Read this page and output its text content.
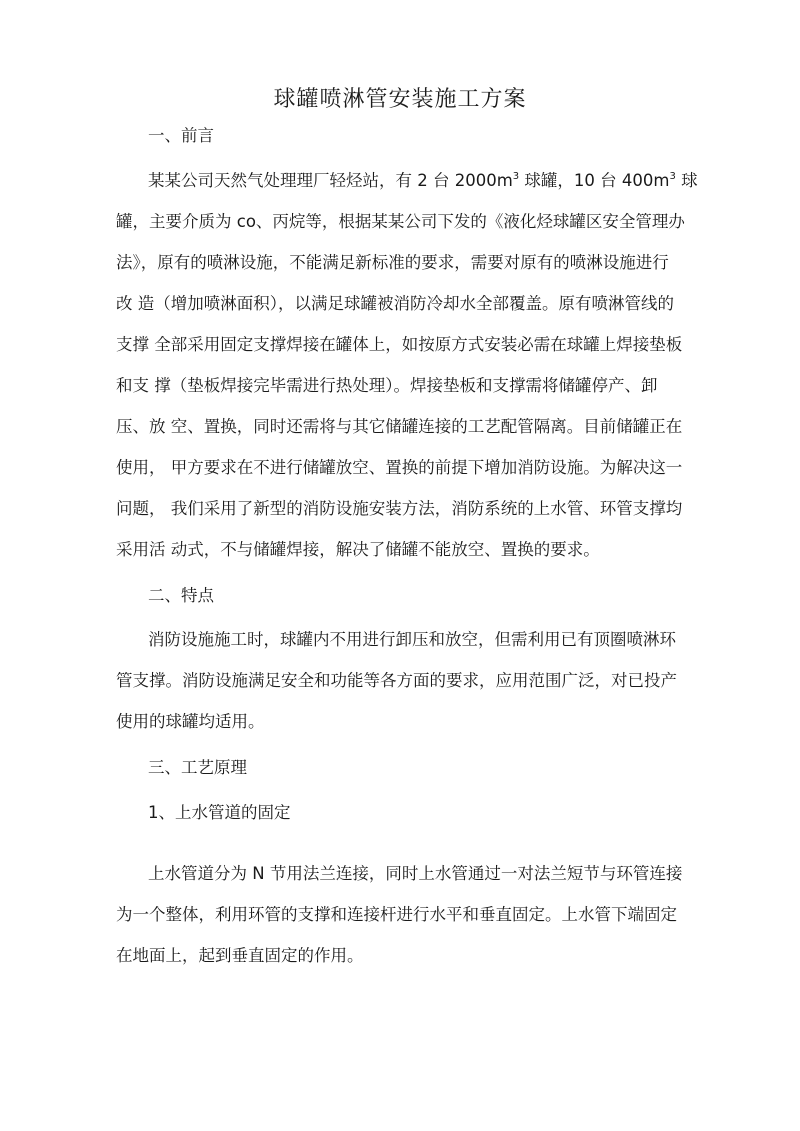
球罐喷淋管安装施工方案
一、前言
某某公司天然气处理理厂轻烃站，有 2 台 $2000m^3$ 球罐，10 台 $400m^3$ 球
罐，主要介质为 co、丙烷等，根据某某公司下发的《液化烃球罐区安全管理办
法》，原有的喷淋设施，不能满足新标准的要求，需要对原有的喷淋设施进行
改 造（增加喷淋面积），以满足球罐被消防冷却水全部覆盖。原有喷淋管线的
支撑 全部采用固定支撑焊接在罐体上，如按原方式安装必需在球罐上焊接垫板
和支 撑（垫板焊接完毕需进行热处理）。焊接垫板和支撑需将储罐停产、卸
压、放 空、置换，同时还需将与其它储罐连接的工艺配管隔离。目前储罐正在
使用， 甲方要求在不进行储罐放空、置换的前提下增加消防设施。为解决这一
问题， 我们采用了新型的消防设施安装方法，消防系统的上水管、环管支撑均
采用活 动式，不与储罐焊接，解决了储罐不能放空、置换的要求。
二、特点
消防设施施工时，球罐内不用进行卸压和放空，但需利用已有顶圈喷淋环
管支撑。消防设施满足安全和功能等各方面的要求，应用范围广泛，对已投产
使用的球罐均适用。
三、工艺原理
1、上水管道的固定
上水管道分为 N 节用法兰连接，同时上水管通过一对法兰短节与环管连接
为一个整体，利用环管的支撑和连接杆进行水平和垂直固定。上水管下端固定
在地面上，起到垂直固定的作用。
